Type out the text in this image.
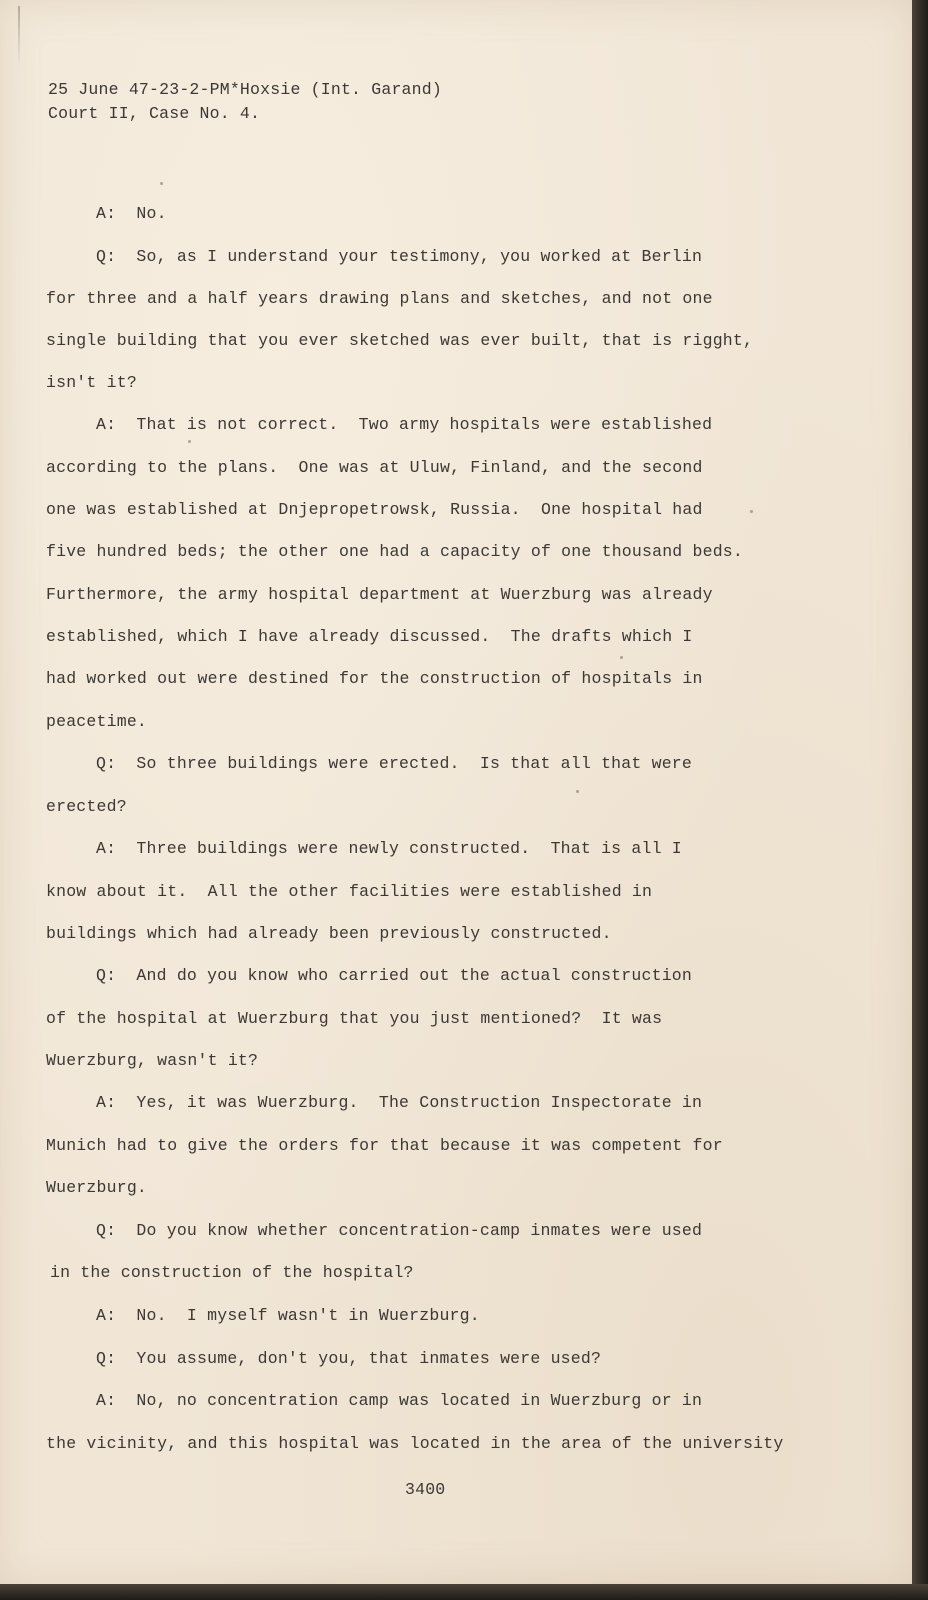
25 June 47-23-2-PM*Hoxsie (Int. Garand)
Court II, Case No. 4.
A:  No.
Q:  So, as I understand your testimony, you worked at Berlin
for three and a half years drawing plans and sketches, and not one
single building that you ever sketched was ever built, that is rigght,
isn't it?
A:  That is not correct.  Two army hospitals were established
according to the plans.  One was at Uluw, Finland, and the second
one was established at Dnjepropetrowsk, Russia.  One hospital had
five hundred beds; the other one had a capacity of one thousand beds.
Furthermore, the army hospital department at Wuerzburg was already
established, which I have already discussed.  The drafts which I
had worked out were destined for the construction of hospitals in
peacetime.
Q:  So three buildings were erected.  Is that all that were
erected?
A:  Three buildings were newly constructed.  That is all I
know about it.  All the other facilities were established in
buildings which had already been previously constructed.
Q:  And do you know who carried out the actual construction
of the hospital at Wuerzburg that you just mentioned?  It was
Wuerzburg, wasn't it?
A:  Yes, it was Wuerzburg.  The Construction Inspectorate in
Munich had to give the orders for that because it was competent for
Wuerzburg.
Q:  Do you know whether concentration-camp inmates were used
in the construction of the hospital?
A:  No.  I myself wasn't in Wuerzburg.
Q:  You assume, don't you, that inmates were used?
A:  No, no concentration camp was located in Wuerzburg or in
the vicinity, and this hospital was located in the area of the university
3400
